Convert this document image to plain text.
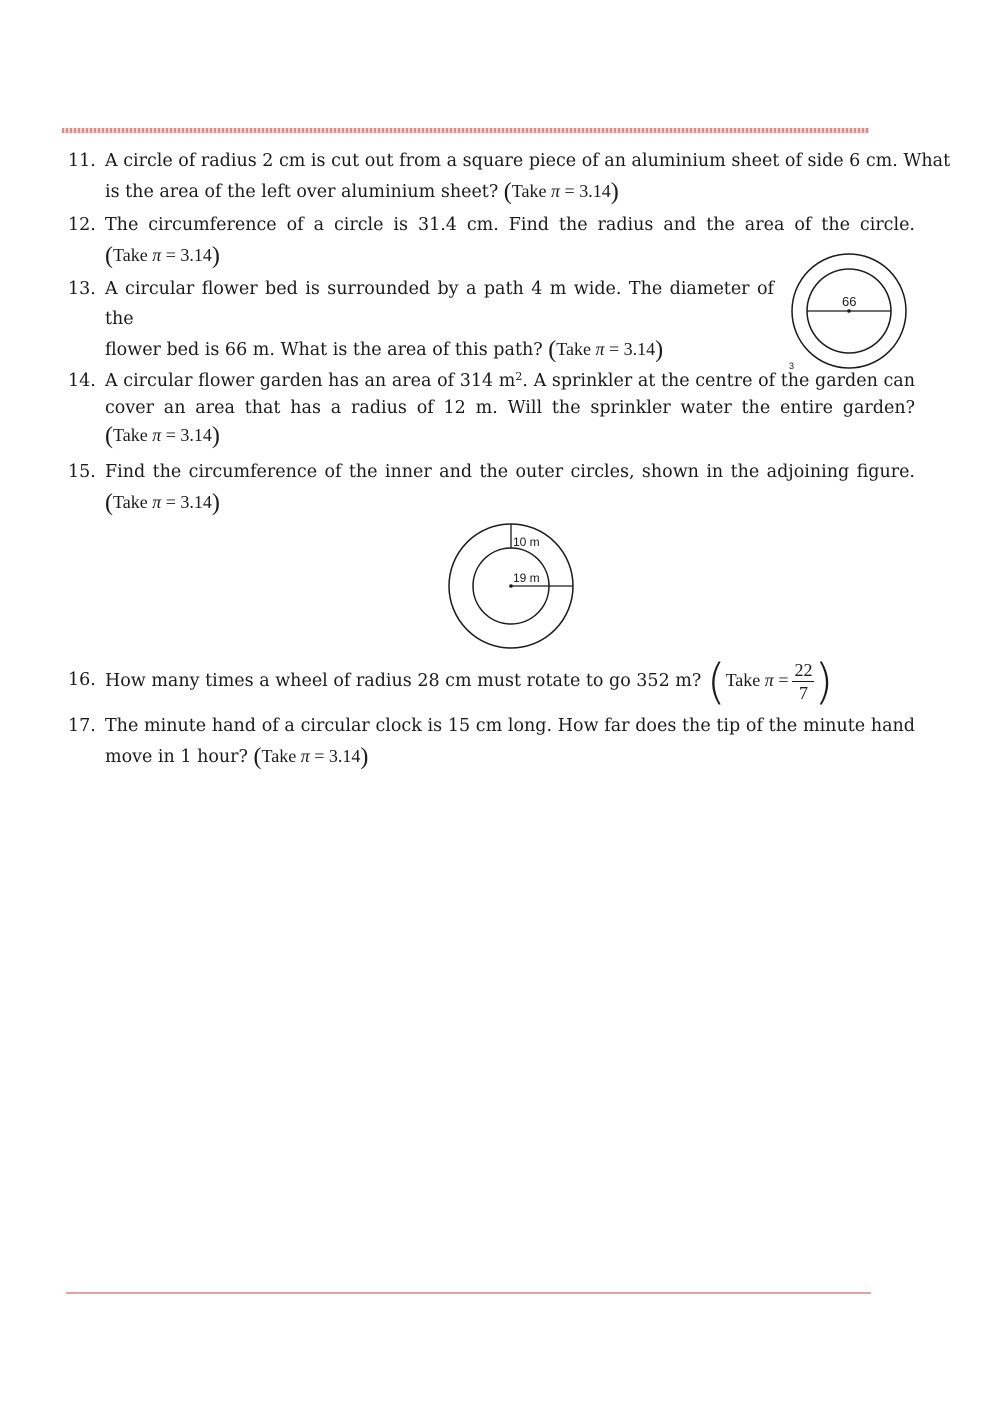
11. A circle of radius 2 cm is cut out from a square piece of an aluminium sheet of side 6 cm. What
is the area of the left over aluminium sheet? (Take π = 3.14)
12. The circumference of a circle is 31.4 cm. Find the radius and the area of the circle.
(Take π = 3.14)
13. A circular flower bed is surrounded by a path 4 m wide. The diameter of the
flower bed is 66 m. What is the area of this path? (Take π = 3.14)
66
3
14. A circular flower garden has an area of 314 $m^2$. A sprinkler at the centre of the garden can
cover an area that has a radius of 12 m. Will the sprinkler water the entire garden?
(Take π = 3.14)
15. Find the circumference of the inner and the outer circles, shown in the adjoining figure.
(Take π = 3.14)
10 m
19 m
16. How many times a wheel of radius 28 cm must rotate to go 352 m? (Take $\pi = \frac{22}{7}$ )
17. The minute hand of a circular clock is 15 cm long. How far does the tip of the minute hand
move in 1 hour? (Take π = 3.14)
